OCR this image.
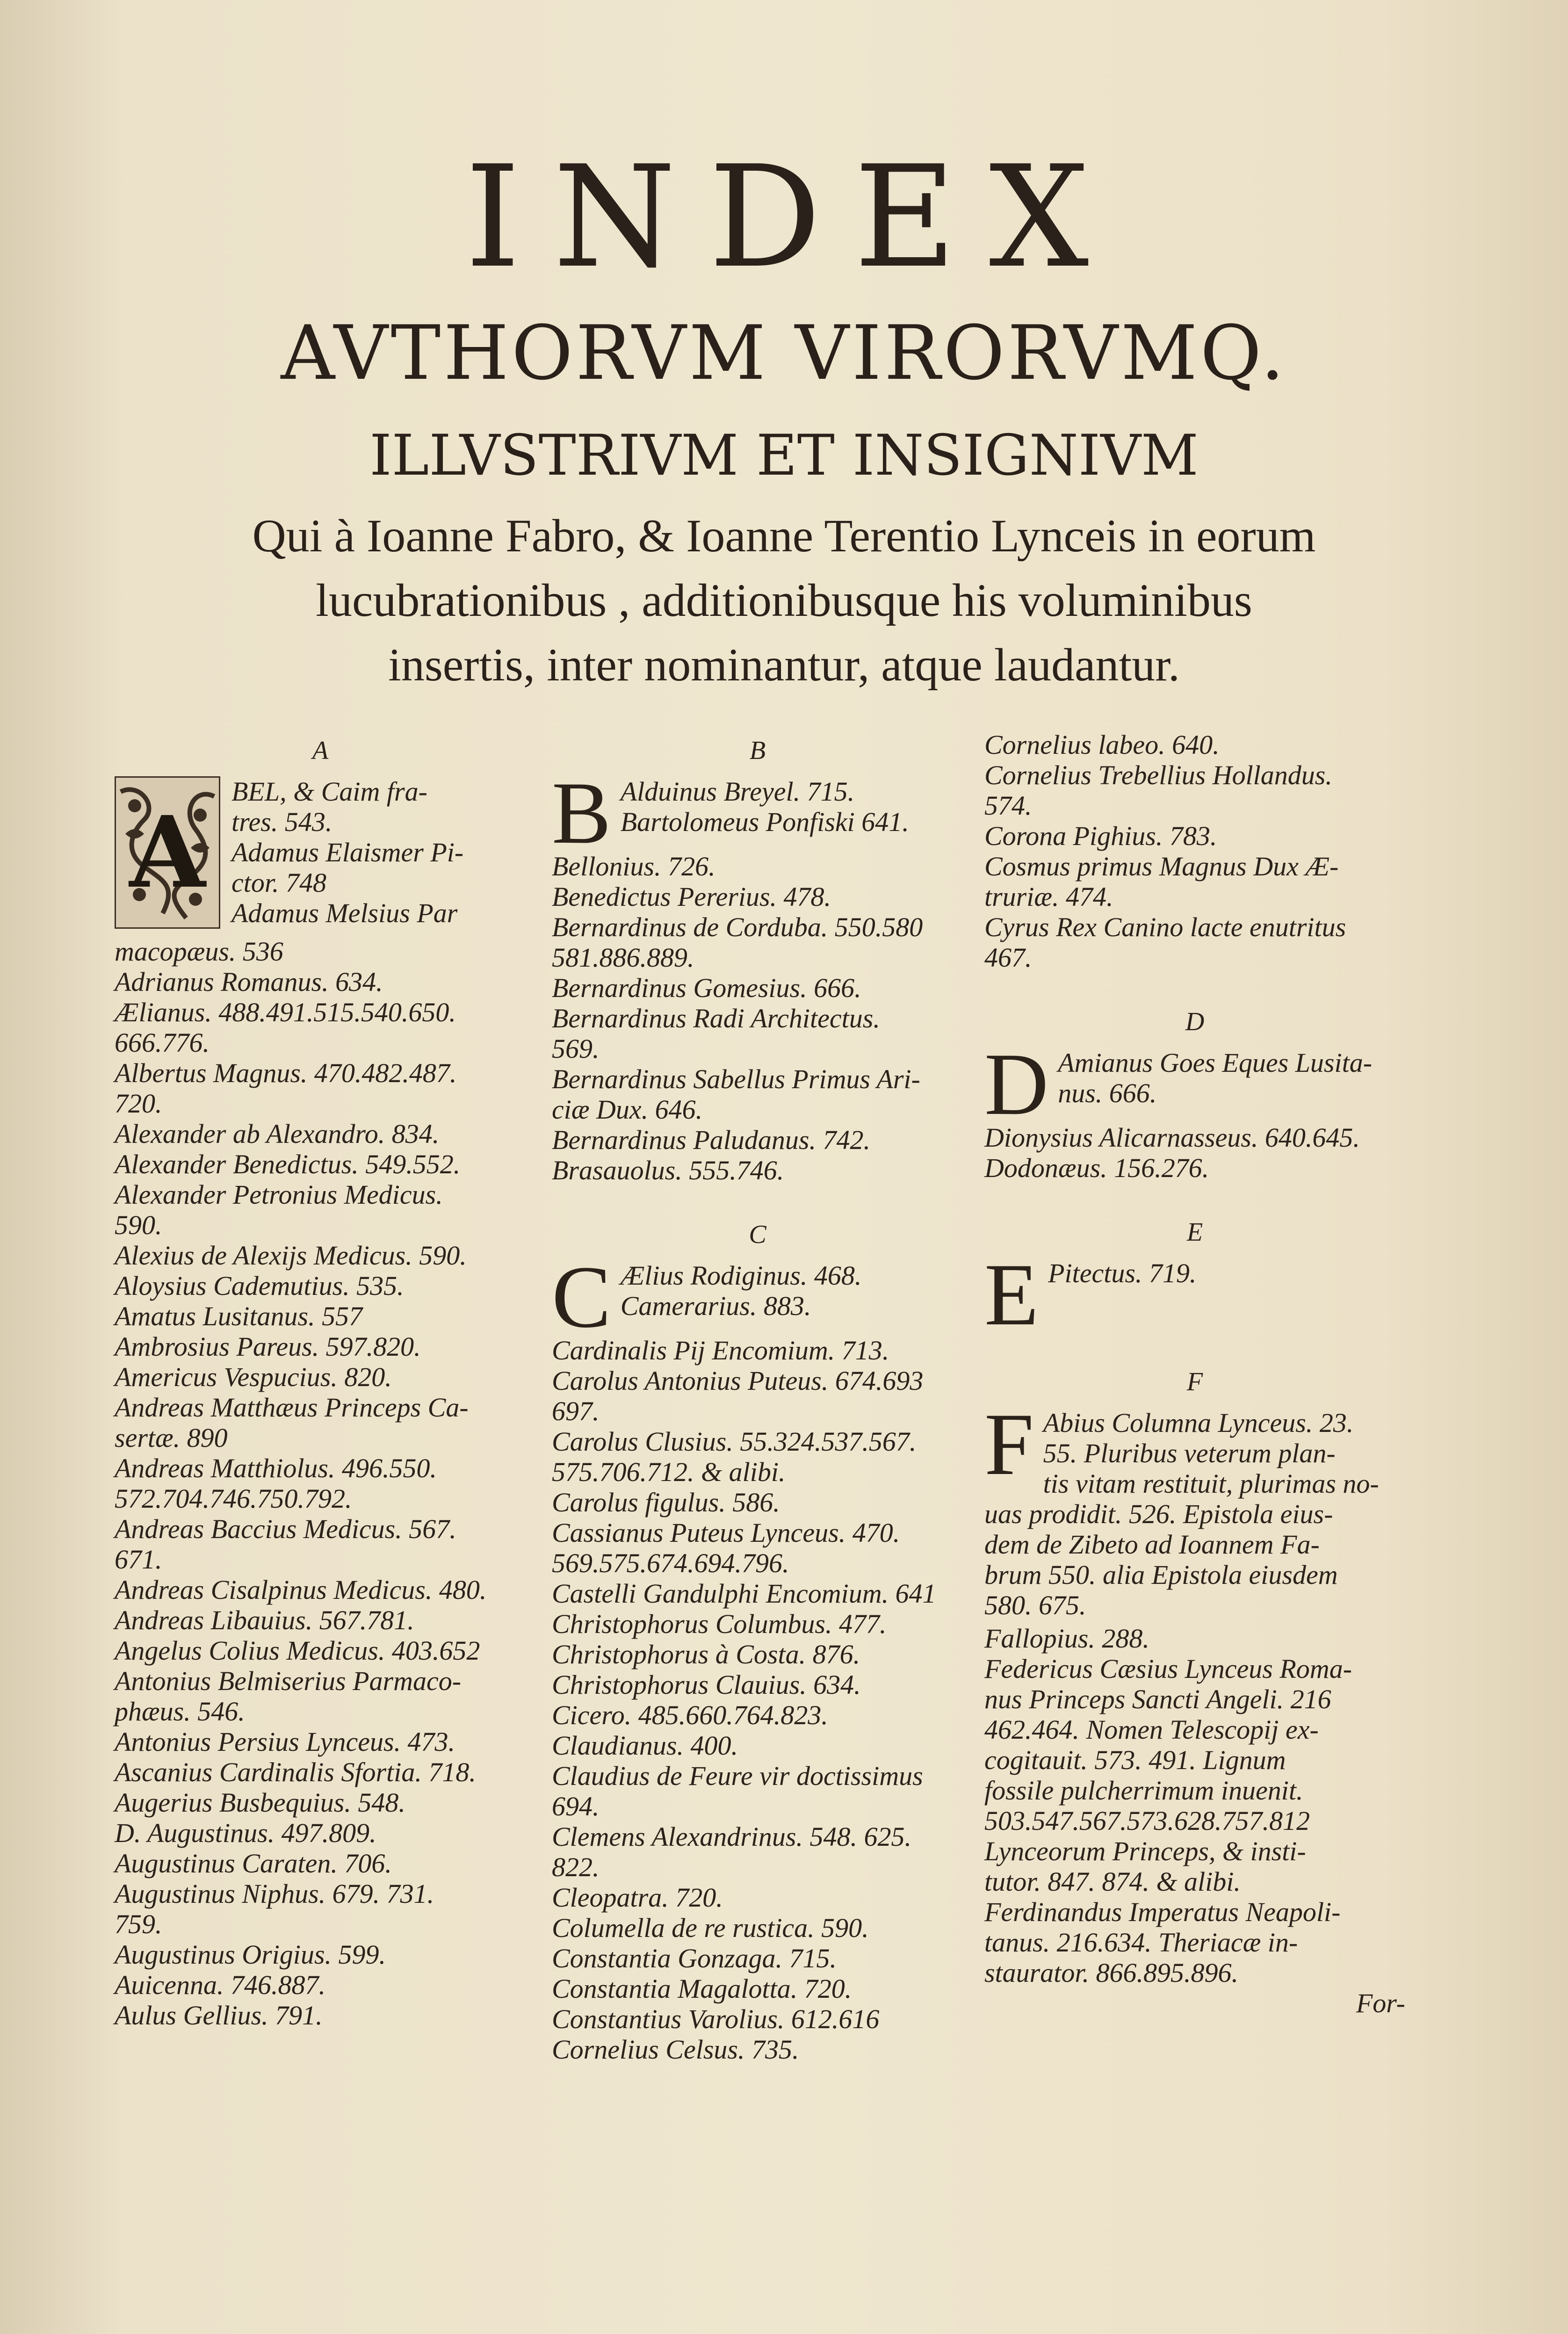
INDEX
AVTHORVM VIRORVMQ.
ILLVSTRIVM ET INSIGNIVM
Qui à Ioanne Fabro, & Ioanne Terentio Lynceis in eorum
lucubrationibus , additionibusque his voluminibus
insertis, inter nominantur, atque laudantur.
A
A
BEL, & Caim fra-
tres. 543.
Adamus Elaismer Pi-
ctor. 748
Adamus Melsius Par
macopæus. 536
Adrianus Romanus. 634.
Ælianus. 488.491.515.540.650.
666.776.
Albertus Magnus. 470.482.487.
720.
Alexander ab Alexandro. 834.
Alexander Benedictus. 549.552.
Alexander Petronius Medicus.
590.
Alexius de Alexijs Medicus. 590.
Aloysius Cademutius. 535.
Amatus Lusitanus. 557
Ambrosius Pareus. 597.820.
Americus Vespucius. 820.
Andreas Matthæus Princeps Ca-
sertæ. 890
Andreas Matthiolus. 496.550.
572.704.746.750.792.
Andreas Baccius Medicus. 567.
671.
Andreas Cisalpinus Medicus. 480.
Andreas Libauius. 567.781.
Angelus Colius Medicus. 403.652
Antonius Belmiserius Parmaco-
phæus. 546.
Antonius Persius Lynceus. 473.
Ascanius Cardinalis Sfortia. 718.
Augerius Busbequius. 548.
D. Augustinus. 497.809.
Augustinus Caraten. 706.
Augustinus Niphus. 679. 731.
759.
Augustinus Origius. 599.
Auicenna. 746.887.
Aulus Gellius. 791.
B
B Alduinus Breyel. 715.
Bartolomeus Ponfiski 641.
Bellonius. 726.
Benedictus Pererius. 478.
Bernardinus de Corduba. 550.580
581.886.889.
Bernardinus Gomesius. 666.
Bernardinus Radi Architectus.
569.
Bernardinus Sabellus Primus Ari-
ciæ Dux. 646.
Bernardinus Paludanus. 742.
Brasauolus. 555.746.
C
C Ælius Rodiginus. 468.
Camerarius. 883.
Cardinalis Pij Encomium. 713.
Carolus Antonius Puteus. 674.693
697.
Carolus Clusius. 55.324.537.567.
575.706.712. & alibi.
Carolus figulus. 586.
Cassianus Puteus Lynceus. 470.
569.575.674.694.796.
Castelli Gandulphi Encomium. 641
Christophorus Columbus. 477.
Christophorus à Costa. 876.
Christophorus Clauius. 634.
Cicero. 485.660.764.823.
Claudianus. 400.
Claudius de Feure vir doctissimus
694.
Clemens Alexandrinus. 548. 625.
822.
Cleopatra. 720.
Columella de re rustica. 590.
Constantia Gonzaga. 715.
Constantia Magalotta. 720.
Constantius Varolius. 612.616
Cornelius Celsus. 735.
Cornelius labeo. 640.
Cornelius Trebellius Hollandus.
574.
Corona Pighius. 783.
Cosmus primus Magnus Dux Æ-
truriæ. 474.
Cyrus Rex Canino lacte enutritus
467.
D
D Amianus Goes Eques Lusita-
nus. 666.
Dionysius Alicarnasseus. 640.645.
Dodonæus. 156.276.
E
E Pitectus. 719.
F
F Abius Columna Lynceus. 23.
55. Pluribus veterum plan-
tis vitam restituit, plurimas no-
uas prodidit. 526. Epistola eius-
dem de Zibeto ad Ioannem Fa-
brum 550. alia Epistola eiusdem
580. 675.
Fallopius. 288.
Federicus Cæsius Lynceus Roma-
nus Princeps Sancti Angeli. 216
462.464. Nomen Telescopij ex-
cogitauit. 573. 491. Lignum
fossile pulcherrimum inuenit.
503.547.567.573.628.757.812
Lynceorum Princeps, & insti-
tutor. 847. 874. & alibi.
Ferdinandus Imperatus Neapoli-
tanus. 216.634. Theriacæ in-
staurator. 866.895.896.
For-
